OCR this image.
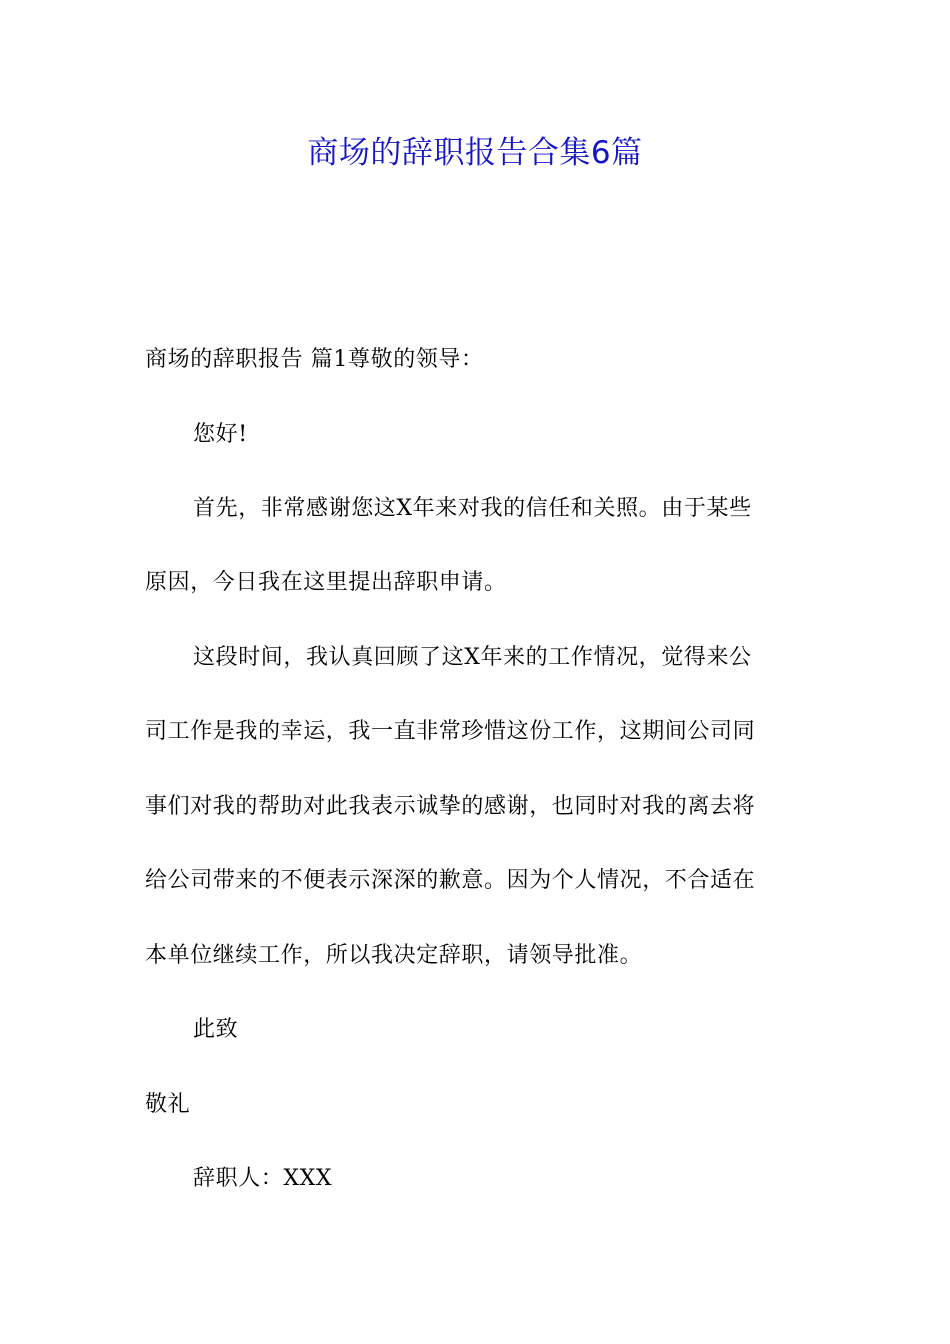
商场的辞职报告合集6篇
商场的辞职报告 篇1尊敬的领导：
您好!
首先，非常感谢您这X年来对我的信任和关照。由于某些
原因，今日我在这里提出辞职申请。
这段时间，我认真回顾了这X年来的工作情况，觉得来公
司工作是我的幸运，我一直非常珍惜这份工作，这期间公司同
事们对我的帮助对此我表示诚挚的感谢，也同时对我的离去将
给公司带来的不便表示深深的歉意。因为个人情况，不合适在
本单位继续工作，所以我决定辞职，请领导批准。
此致
敬礼
辞职人：XXX
